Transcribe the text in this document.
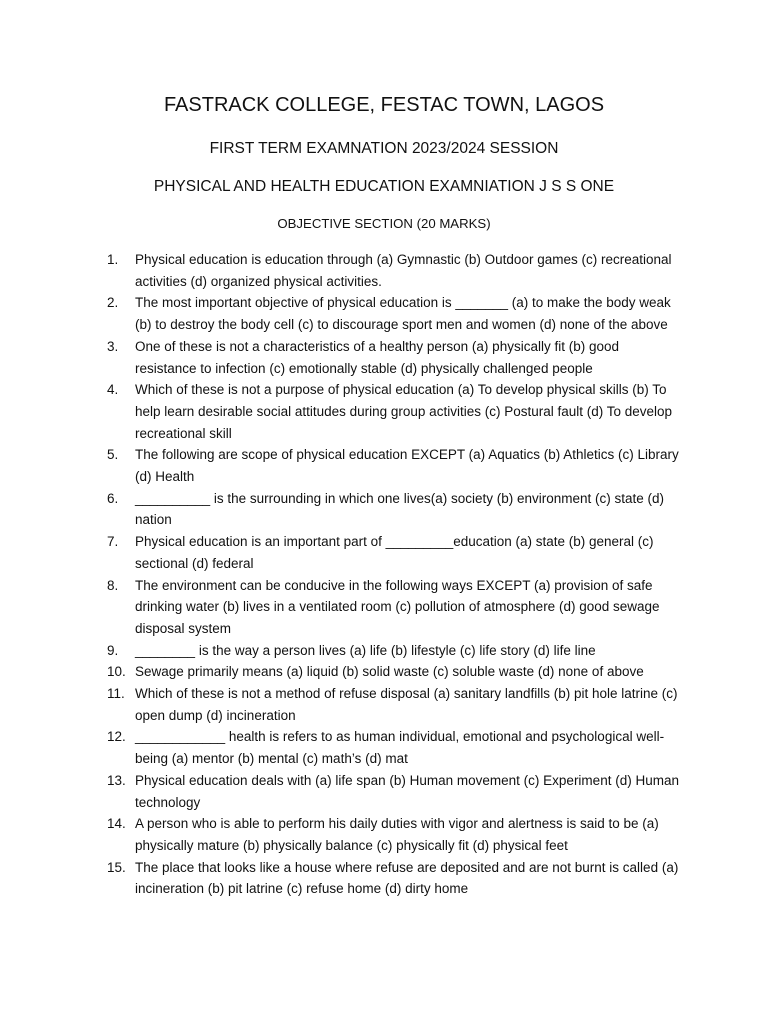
FASTRACK COLLEGE, FESTAC TOWN, LAGOS
FIRST TERM EXAMNATION 2023/2024 SESSION
PHYSICAL AND HEALTH EDUCATION EXAMNIATION J S S ONE
OBJECTIVE SECTION (20 MARKS)
1. Physical education is education through (a) Gymnastic (b) Outdoor games (c) recreational activities (d) organized physical activities.
2. The most important objective of physical education is _______ (a) to make the body weak (b) to destroy the body cell (c) to discourage sport men and women (d) none of the above
3. One of these is not a characteristics of a healthy person (a) physically fit (b) good resistance to infection (c) emotionally stable (d) physically challenged people
4. Which of these is not a purpose of physical education (a) To develop physical skills (b) To help learn desirable social attitudes during group activities (c) Postural fault (d) To develop recreational skill
5. The following are scope of physical education EXCEPT (a) Aquatics (b) Athletics (c) Library (d) Health
6. __________ is the surrounding in which one lives(a) society (b) environment (c) state (d) nation
7. Physical education is an important part of _________education (a) state (b) general (c) sectional (d) federal
8. The environment can be conducive in the following ways EXCEPT (a) provision of safe drinking water (b) lives in a ventilated room (c) pollution of atmosphere (d) good sewage disposal system
9. ________ is the way a person lives (a) life (b) lifestyle (c) life story (d) life line
10. Sewage primarily means (a) liquid (b) solid waste (c) soluble waste (d) none of above
11. Which of these is not a method of refuse disposal (a) sanitary landfills (b) pit hole latrine (c) open dump (d) incineration
12. ____________ health is refers to as human individual, emotional and psychological well-being (a) mentor (b) mental (c) math’s (d) mat
13. Physical education deals with (a) life span (b) Human movement (c) Experiment (d) Human technology
14. A person who is able to perform his daily duties with vigor and alertness is said to be (a) physically mature (b) physically balance (c) physically fit (d) physical feet
15. The place that looks like a house where refuse are deposited and are not burnt is called (a) incineration (b) pit latrine (c) refuse home (d) dirty home
